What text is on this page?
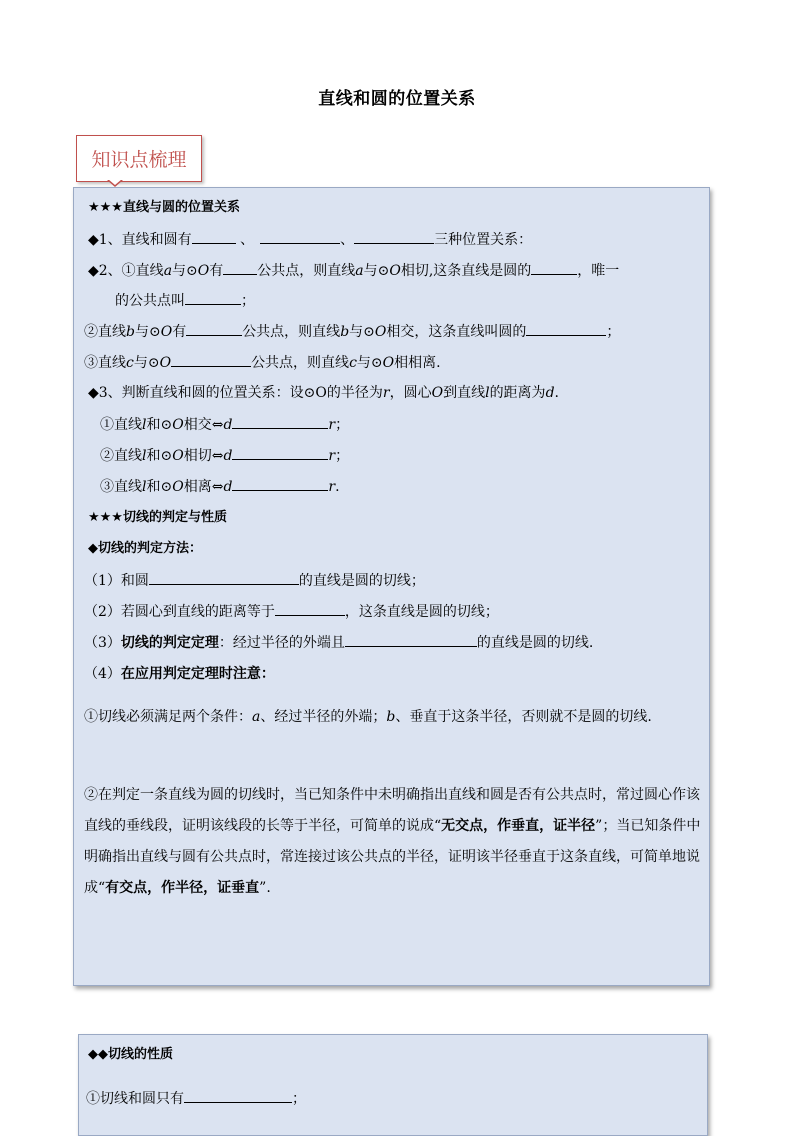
直线和圆的位置关系
知识点梳理
★★★直线与圆的位置关系
◆1、直线和圆有	、	、	三种位置关系：
◆2、①直线a与⊙O有 公共点，则直线a与⊙O相切,这条直线是圆的	，唯一
的公共点叫	；
②直线b与⊙O有	公共点，则直线b与⊙O相交，这条直线叫圆的	；
③直线c与⊙O	公共点，则直线c与⊙O相相离.
◆3、判断直线和圆的位置关系：设⊙O的半径为r，圆心O到直线l的距离为d.
①直线l和⊙O相交⇔d	r；
②直线l和⊙O相切⇔d	r；
③直线l和⊙O相离⇔d	r.
★★★切线的判定与性质
◆切线的判定方法：
（1）和圆	的直线是圆的切线；
（2）若圆心到直线的距离等于	，这条直线是圆的切线；
（3）切线的判定定理：经过半径的外端且	的直线是圆的切线.
（4）在应用判定定理时注意：
①切线必须满足两个条件：a、经过半径的外端；b、垂直于这条半径，否则就不是圆的切线.
②在判定一条直线为圆的切线时，当已知条件中未明确指出直线和圆是否有公共点时，常过圆心作该直线的垂线段，证明该线段的长等于半径，可简单的说成“无交点，作垂直，证半径”；当已知条件中明确指出直线与圆有公共点时，常连接过该公共点的半径，证明该半径垂直于这条直线，可简单地说成“有交点，作半径，证垂直”.
◆◆切线的性质
①切线和圆只有	；
